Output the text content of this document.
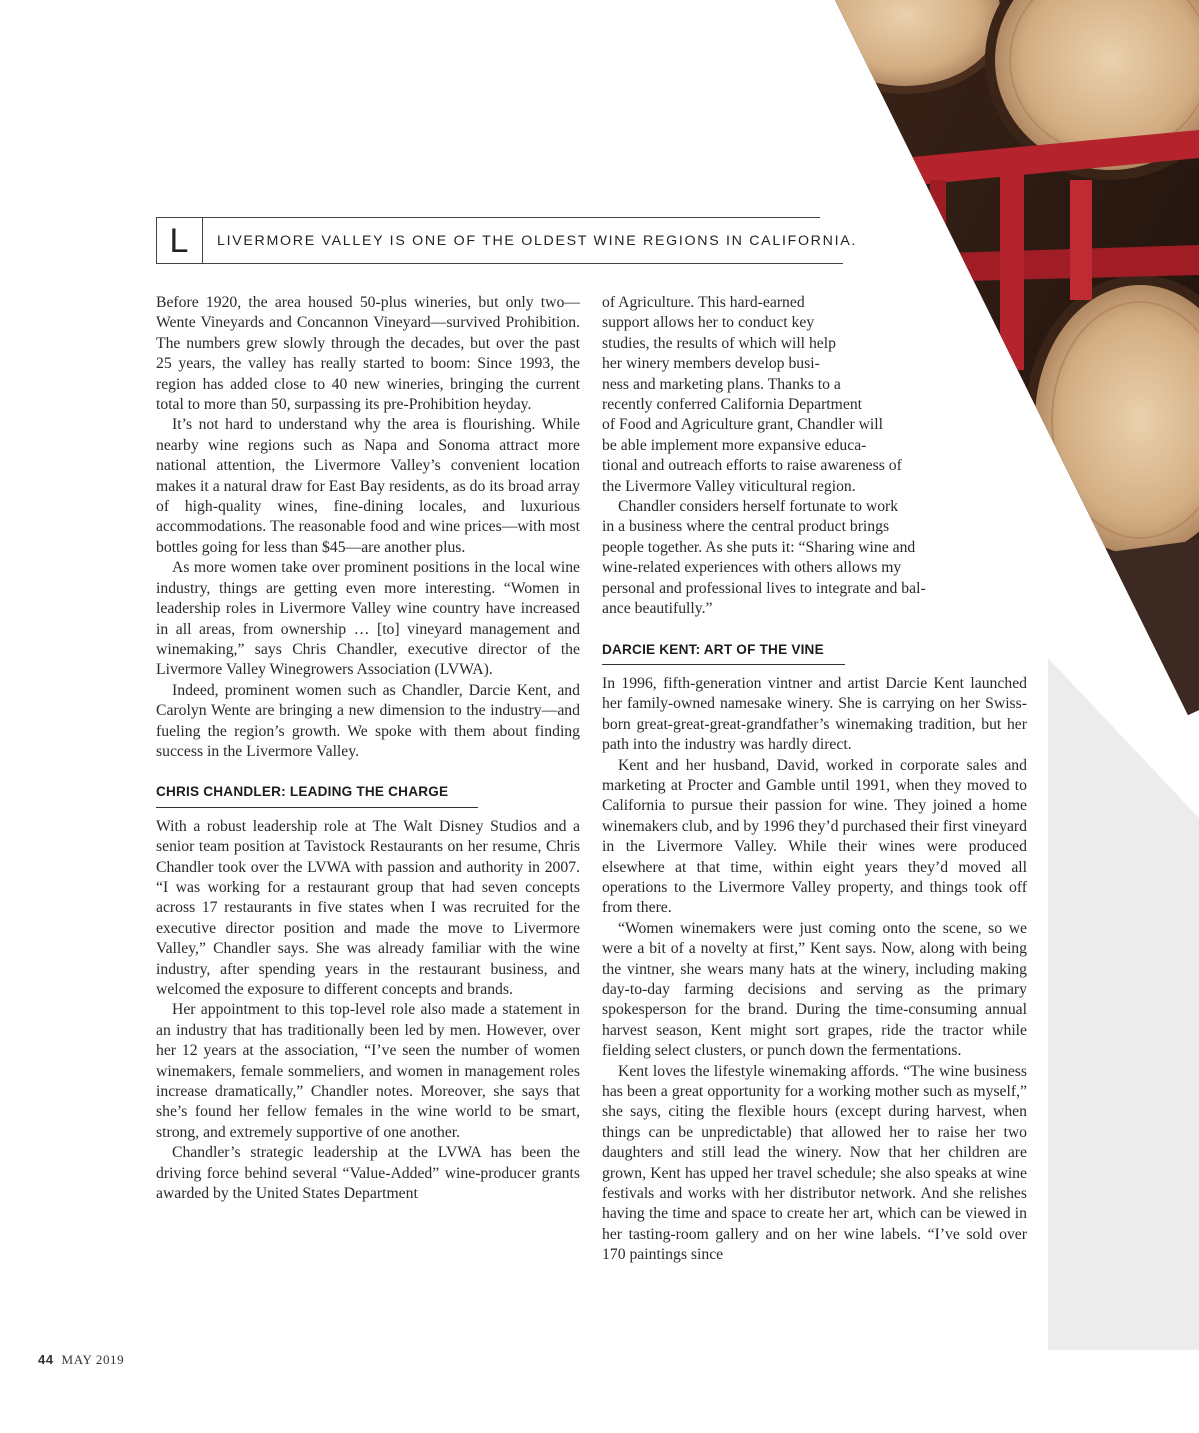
L LIVERMORE VALLEY IS ONE OF THE OLDEST WINE REGIONS IN CALIFORNIA.

Before 1920, the area housed 50-plus wineries, but only two—Wente Vineyards and Concannon Vineyard—survived Prohibition. The numbers grew slowly through the decades, but over the past 25 years, the valley has really started to boom: Since 1993, the region has added close to 40 new wineries, bringing the current total to more than 50, surpassing its pre-Prohibition heyday.

It’s not hard to understand why the area is flourishing. While nearby wine regions such as Napa and Sonoma attract more national attention, the Livermore Valley’s convenient location makes it a natural draw for East Bay residents, as do its broad array of high-quality wines, fine-dining locales, and luxurious accommodations. The reasonable food and wine prices—with most bottles going for less than $45—are another plus.

As more women take over prominent positions in the local wine industry, things are getting even more interesting. “Women in leadership roles in Livermore Valley wine country have increased in all areas, from ownership … [to] vineyard management and winemaking,” says Chris Chandler, executive director of the Livermore Valley Winegrowers Association (LVWA).

Indeed, prominent women such as Chandler, Darcie Kent, and Carolyn Wente are bringing a new dimension to the industry—and fueling the region’s growth. We spoke with them about finding success in the Livermore Valley.

CHRIS CHANDLER: LEADING THE CHARGE

With a robust leadership role at The Walt Disney Studios and a senior team position at Tavistock Restaurants on her resume, Chris Chandler took over the LVWA with passion and authority in 2007. “I was working for a restaurant group that had seven concepts across 17 restaurants in five states when I was recruited for the executive director position and made the move to Livermore Valley,” Chandler says. She was already familiar with the wine industry, after spending years in the restaurant business, and welcomed the exposure to different concepts and brands.

Her appointment to this top-level role also made a statement in an industry that has traditionally been led by men. However, over her 12 years at the association, “I’ve seen the number of women winemakers, female sommeliers, and women in management roles increase dramatically,” Chandler notes. Moreover, she says that she’s found her fellow females in the wine world to be smart, strong, and extremely supportive of one another.

Chandler’s strategic leadership at the LVWA has been the driving force behind several “Value-Added” wine-producer grants awarded by the United States Department

of Agriculture. This hard-earned
support allows her to conduct key
studies, the results of which will help
her winery members develop busi-
ness and marketing plans. Thanks to a
recently conferred California Department
of Food and Agriculture grant, Chandler will
be able implement more expansive educa-
tional and outreach efforts to raise awareness of
the Livermore Valley viticultural region.

Chandler considers herself fortunate to work
in a business where the central product brings
people together. As she puts it: “Sharing wine and
wine-related experiences with others allows my
personal and professional lives to integrate and bal-
ance beautifully.”

DARCIE KENT: ART OF THE VINE

In 1996, fifth-generation vintner and artist Darcie Kent launched her family-owned namesake winery. She is carrying on her Swiss-born great-great-great-grandfather’s winemaking tradition, but her path into the industry was hardly direct.

Kent and her husband, David, worked in corporate sales and marketing at Procter and Gamble until 1991, when they moved to California to pursue their passion for wine. They joined a home winemakers club, and by 1996 they’d purchased their first vineyard in the Livermore Valley. While their wines were produced elsewhere at that time, within eight years they’d moved all operations to the Livermore Valley property, and things took off from there.

“Women winemakers were just coming onto the scene, so we were a bit of a novelty at first,” Kent says. Now, along with being the vintner, she wears many hats at the winery, including making day-to-day farming decisions and serving as the primary spokesperson for the brand. During the time-consuming annual harvest season, Kent might sort grapes, ride the tractor while fielding select clusters, or punch down the fermentations.

Kent loves the lifestyle winemaking affords. “The wine business has been a great opportunity for a working mother such as myself,” she says, citing the flexible hours (except during harvest, when things can be unpredictable) that allowed her to raise her two daughters and still lead the winery. Now that her children are grown, Kent has upped her travel schedule; she also speaks at wine festivals and works with her distributor network. And she relishes having the time and space to create her art, which can be viewed in her tasting-room gallery and on her wine labels. “I’ve sold over 170 paintings since

44 MAY 2019
